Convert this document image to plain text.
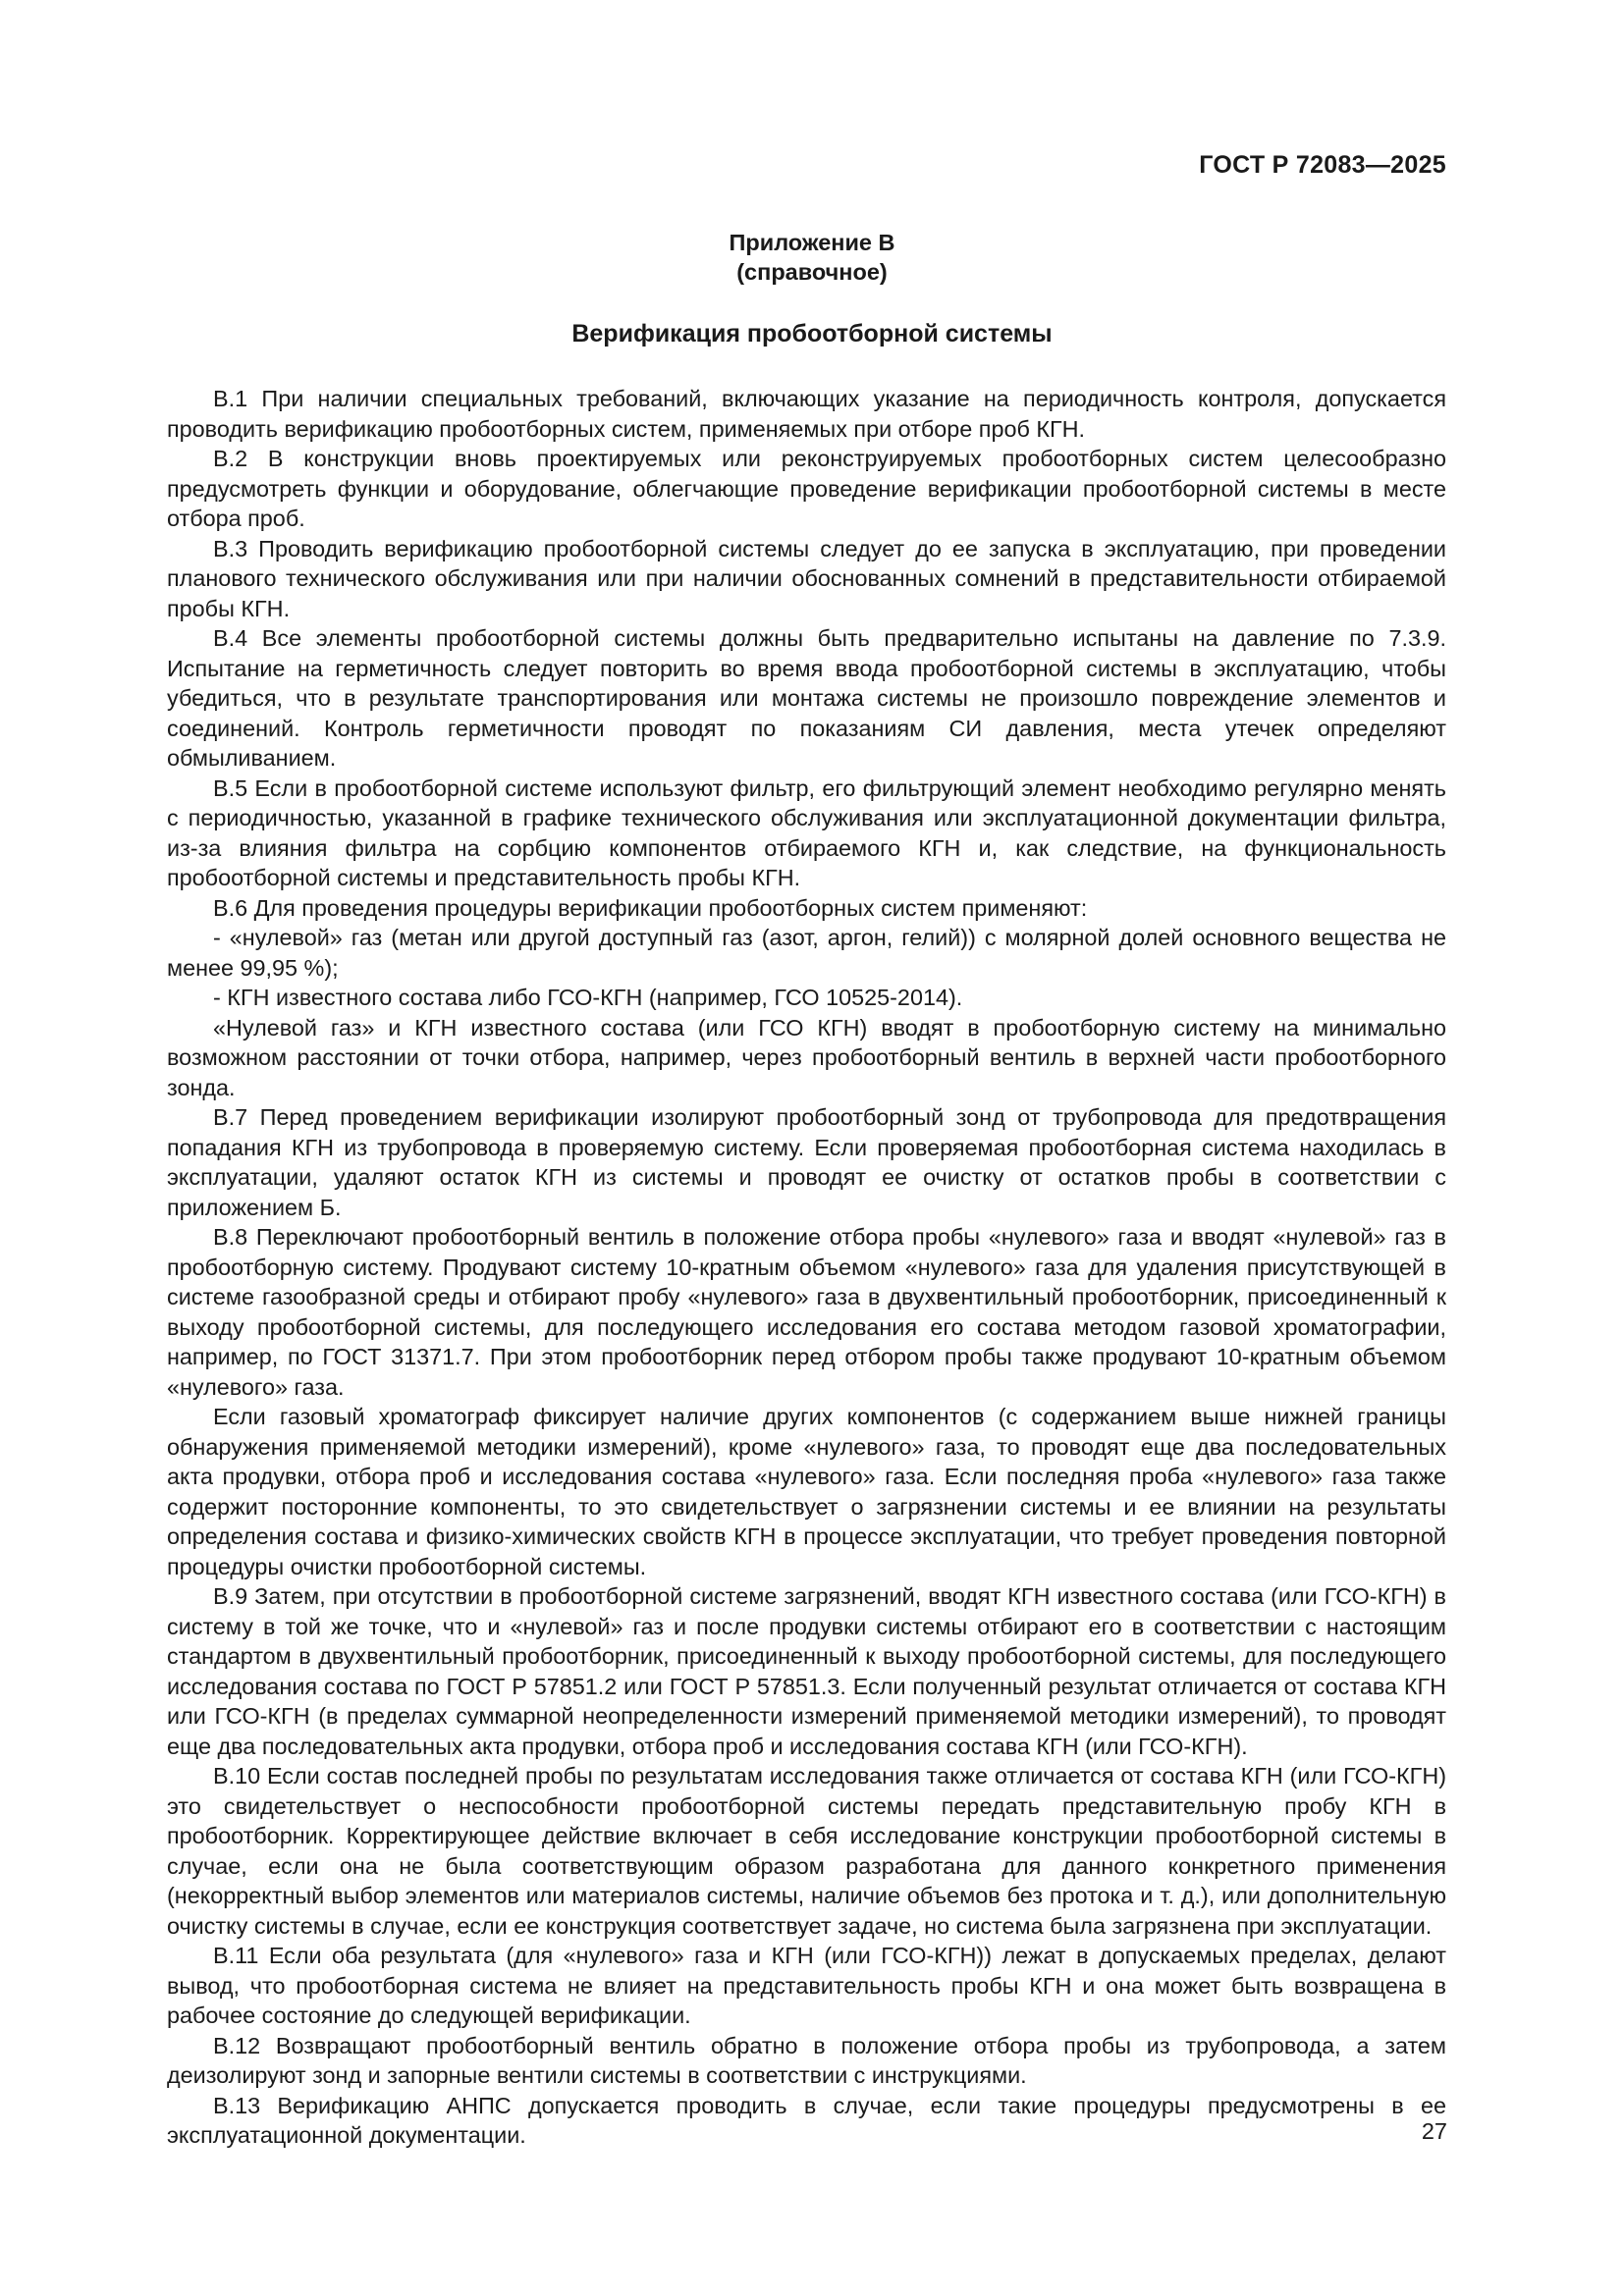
ГОСТ Р 72083—2025
Приложение В
(справочное)
Верификация пробоотборной системы

В.1 При наличии специальных требований, включающих указание на периодичность контроля, допускается проводить верификацию пробоотборных систем, применяемых при отборе проб КГН.

В.2 В конструкции вновь проектируемых или реконструируемых пробоотборных систем целесообразно предусмотреть функции и оборудование, облегчающие проведение верификации пробоотборной системы в месте отбора проб.

В.3 Проводить верификацию пробоотборной системы следует до ее запуска в эксплуатацию, при проведении планового технического обслуживания или при наличии обоснованных сомнений в представительности отбираемой пробы КГН.

В.4 Все элементы пробоотборной системы должны быть предварительно испытаны на давление по 7.3.9. Испытание на герметичность следует повторить во время ввода пробоотборной системы в эксплуатацию, чтобы убедиться, что в результате транспортирования или монтажа системы не произошло повреждение элементов и соединений. Контроль герметичности проводят по показаниям СИ давления, места утечек определяют обмыливанием.

В.5 Если в пробоотборной системе используют фильтр, его фильтрующий элемент необходимо регулярно менять с периодичностью, указанной в графике технического обслуживания или эксплуатационной документации фильтра, из-за влияния фильтра на сорбцию компонентов отбираемого КГН и, как следствие, на функциональность пробоотборной системы и представительность пробы КГН.

В.6 Для проведения процедуры верификации пробоотборных систем применяют:

- «нулевой» газ (метан или другой доступный газ (азот, аргон, гелий)) с молярной долей основного вещества не менее 99,95 %);

- КГН известного состава либо ГСО-КГН (например, ГСО 10525-2014).

«Нулевой газ» и КГН известного состава (или ГСО КГН) вводят в пробоотборную систему на минимально возможном расстоянии от точки отбора, например, через пробоотборный вентиль в верхней части пробоотборного зонда.

В.7 Перед проведением верификации изолируют пробоотборный зонд от трубопровода для предотвращения попадания КГН из трубопровода в проверяемую систему. Если проверяемая пробоотборная система находилась в эксплуатации, удаляют остаток КГН из системы и проводят ее очистку от остатков пробы в соответствии с приложением Б.

В.8 Переключают пробоотборный вентиль в положение отбора пробы «нулевого» газа и вводят «нулевой» газ в пробоотборную систему. Продувают систему 10-кратным объемом «нулевого» газа для удаления присутствующей в системе газообразной среды и отбирают пробу «нулевого» газа в двухвентильный пробоотборник, присоединенный к выходу пробоотборной системы, для последующего исследования его состава методом газовой хроматографии, например, по ГОСТ 31371.7. При этом пробоотборник перед отбором пробы также продувают 10-кратным объемом «нулевого» газа.

Если газовый хроматограф фиксирует наличие других компонентов (с содержанием выше нижней границы обнаружения применяемой методики измерений), кроме «нулевого» газа, то проводят еще два последовательных акта продувки, отбора проб и исследования состава «нулевого» газа. Если последняя проба «нулевого» газа также содержит посторонние компоненты, то это свидетельствует о загрязнении системы и ее влиянии на результаты определения состава и физико-химических свойств КГН в процессе эксплуатации, что требует проведения повторной процедуры очистки пробоотборной системы.

В.9 Затем, при отсутствии в пробоотборной системе загрязнений, вводят КГН известного состава (или ГСО-КГН) в систему в той же точке, что и «нулевой» газ и после продувки системы отбирают его в соответствии с настоящим стандартом в двухвентильный пробоотборник, присоединенный к выходу пробоотборной системы, для последующего исследования состава по ГОСТ Р 57851.2 или ГОСТ Р 57851.3. Если полученный результат отличается от состава КГН или ГСО-КГН (в пределах суммарной неопределенности измерений применяемой методики измерений), то проводят еще два последовательных акта продувки, отбора проб и исследования состава КГН (или ГСО-КГН).

В.10 Если состав последней пробы по результатам исследования также отличается от состава КГН (или ГСО-КГН) это свидетельствует о неспособности пробоотборной системы передать представительную пробу КГН в пробоотборник. Корректирующее действие включает в себя исследование конструкции пробоотборной системы в случае, если она не была соответствующим образом разработана для данного конкретного применения (некорректный выбор элементов или материалов системы, наличие объемов без протока и т. д.), или дополнительную очистку системы в случае, если ее конструкция соответствует задаче, но система была загрязнена при эксплуатации.

В.11 Если оба результата (для «нулевого» газа и КГН (или ГСО-КГН)) лежат в допускаемых пределах, делают вывод, что пробоотборная система не влияет на представительность пробы КГН и она может быть возвращена в рабочее состояние до следующей верификации.

В.12 Возвращают пробоотборный вентиль обратно в положение отбора пробы из трубопровода, а затем деизолируют зонд и запорные вентили системы в соответствии с инструкциями.

В.13 Верификацию АНПС допускается проводить в случае, если такие процедуры предусмотрены в ее эксплуатационной документации.	27
